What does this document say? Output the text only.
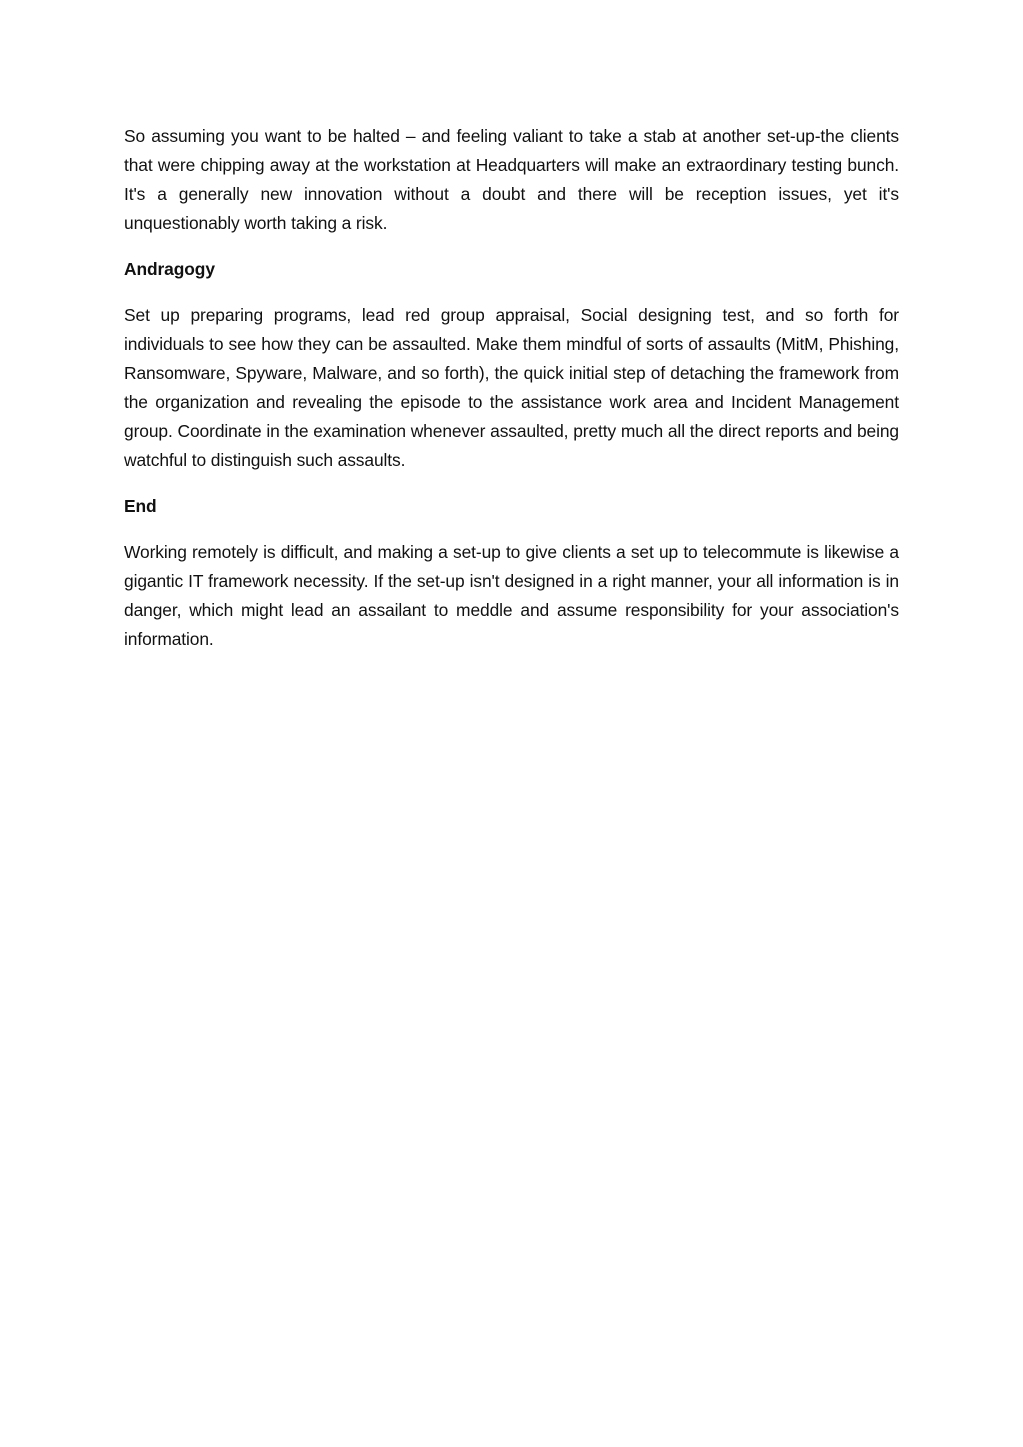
So assuming you want to be halted – and feeling valiant to take a stab at another set-up-the clients that were chipping away at the workstation at Headquarters will make an extraordinary testing bunch. It's a generally new innovation without a doubt and there will be reception issues, yet it's unquestionably worth taking a risk.

Andragogy

Set up preparing programs, lead red group appraisal, Social designing test, and so forth for individuals to see how they can be assaulted. Make them mindful of sorts of assaults (MitM, Phishing, Ransomware, Spyware, Malware, and so forth), the quick initial step of detaching the framework from the organization and revealing the episode to the assistance work area and Incident Management group. Coordinate in the examination whenever assaulted, pretty much all the direct reports and being watchful to distinguish such assaults.

End

Working remotely is difficult, and making a set-up to give clients a set up to telecommute is likewise a gigantic IT framework necessity. If the set-up isn't designed in a right manner, your all information is in danger, which might lead an assailant to meddle and assume responsibility for your association's information.
